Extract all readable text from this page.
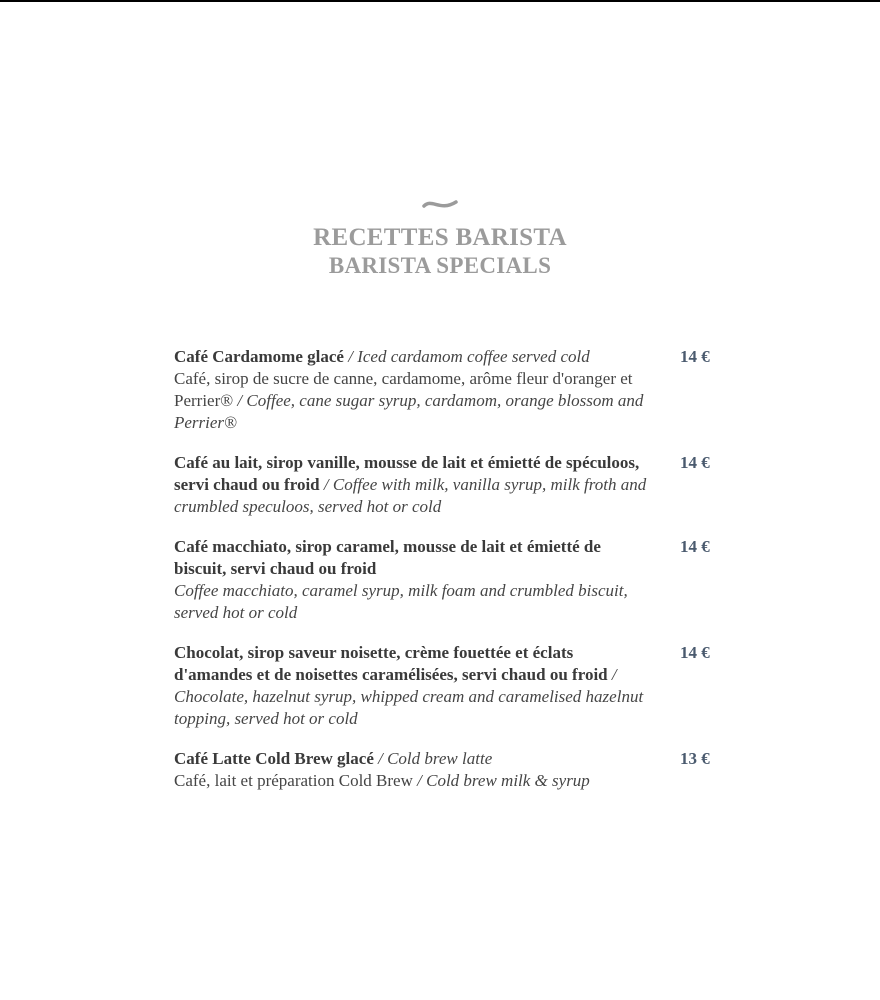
RECETTES BARISTA
BARISTA SPECIALS
Café Cardamome glacé / Iced cardamom coffee served cold
Café, sirop de sucre de canne, cardamome, arôme fleur d'oranger et Perrier® / Coffee, cane sugar syrup, cardamom, orange blossom and Perrier®
14 €
Café au lait, sirop vanille, mousse de lait et émietté de spéculoos, servi chaud ou froid / Coffee with milk, vanilla syrup, milk froth and crumbled speculoos, served hot or cold
14 €
Café macchiato, sirop caramel, mousse de lait et émietté de biscuit, servi chaud ou froid
Coffee macchiato, caramel syrup, milk foam and crumbled biscuit, served hot or cold
14 €
Chocolat, sirop saveur noisette, crème fouettée et éclats d'amandes et de noisettes caramélisées, servi chaud ou froid / Chocolate, hazelnut syrup, whipped cream and caramelised hazelnut topping, served hot or cold
14 €
Café Latte Cold Brew glacé / Cold brew latte
Café, lait et préparation Cold Brew / Cold brew milk & syrup
13 €
